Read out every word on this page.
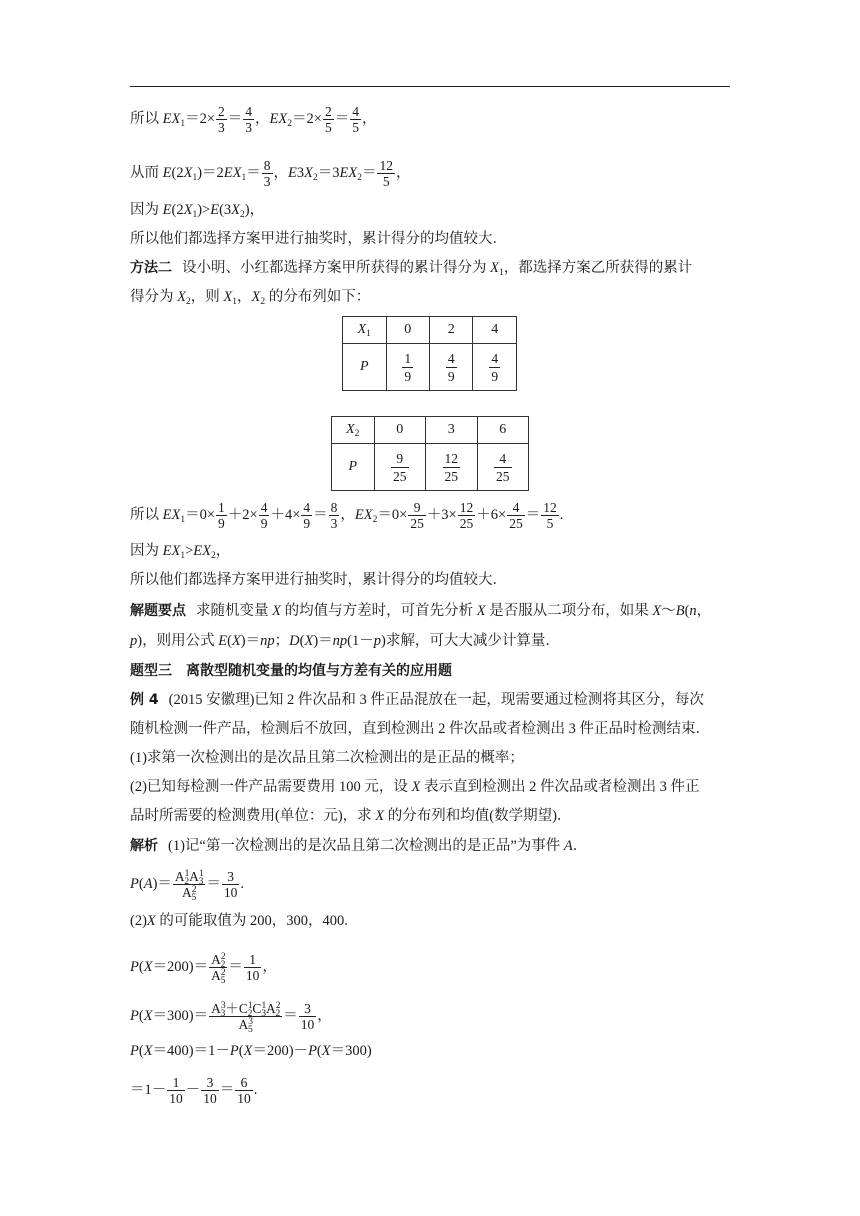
所以 $EX_1=2\times \frac{2}{3} = \frac{4}{3}$ ，$EX_2=2\times \frac{2}{5} = \frac{4}{5}$ ，
从而 $E(2X_1)=2EX_1= \frac{8}{3}$ ，$E3X_2=3EX_2= \frac{12}{5}$ ，
因为 $E(2X_1)>E(3X_2)$，
所以他们都选择方案甲进行抽奖时，累计得分的均值较大．
方法二 设小明、小红都选择方案甲所获得的累计得分为 $X_1$，都选择方案乙所获得的累计
得分为 $X_2$，则 $X_1$，$X_2$ 的分布列如下：
$X_1$	0	2	4
P	$\frac{1}{9}$	$\frac{4}{9}$	$\frac{4}{9}$
$X_2$	0	3	6
P	$\frac{9}{25}$	$\frac{12}{25}$	$\frac{4}{25}$
所以 $EX_1=0\times \frac{1}{9} +2\times \frac{4}{9} +4\times \frac{4}{9} = \frac{8}{3}$ ，$EX_2=0\times \frac{9}{25} +3\times \frac{12}{25} +6\times \frac{4}{25} = \frac{12}{5}$ .
因为 $EX_1>EX_2$，
所以他们都选择方案甲进行抽奖时，累计得分的均值较大．
解题要点 求随机变量 X 的均值与方差时，可首先分析 X 是否服从二项分布，如果 X～B(n，
p)，则用公式 E(X)＝np；D(X)＝np(1－p)求解，可大大减少计算量．
题型三　离散型随机变量的均值与方差有关的应用题
例 4 (2015 安徽理)已知 2 件次品和 3 件正品混放在一起，现需要通过检测将其区分，每次
随机检测一件产品，检测后不放回，直到检测出 2 件次品或者检测出 3 件正品时检测结束．
(1)求第一次检测出的是次品且第二次检测出的是正品的概率；
(2)已知每检测一件产品需要费用 100 元，设 X 表示直到检测出 2 件次品或者检测出 3 件正
品时所需要的检测费用(单位：元)，求 X 的分布列和均值(数学期望)．
解析 (1)记“第一次检测出的是次品且第二次检测出的是正品”为事件 A．
$P(A)= \frac{A^1_2A^1_3}{A^2_5} = \frac{3}{10}$ .
(2)X 的可能取值为 200，300，400.
$P(X=200)= \frac{A^2_2}{A^2_5} = \frac{1}{10}$ ，
$P(X=300)= \frac{A^3_3+C^1_2C^1_3A^2_2}{A^3_5} = \frac{3}{10}$ ，
P(X＝400)＝1－P(X＝200)－P(X＝300)
$=1- \frac{1}{10} - \frac{3}{10} = \frac{6}{10}$ .
